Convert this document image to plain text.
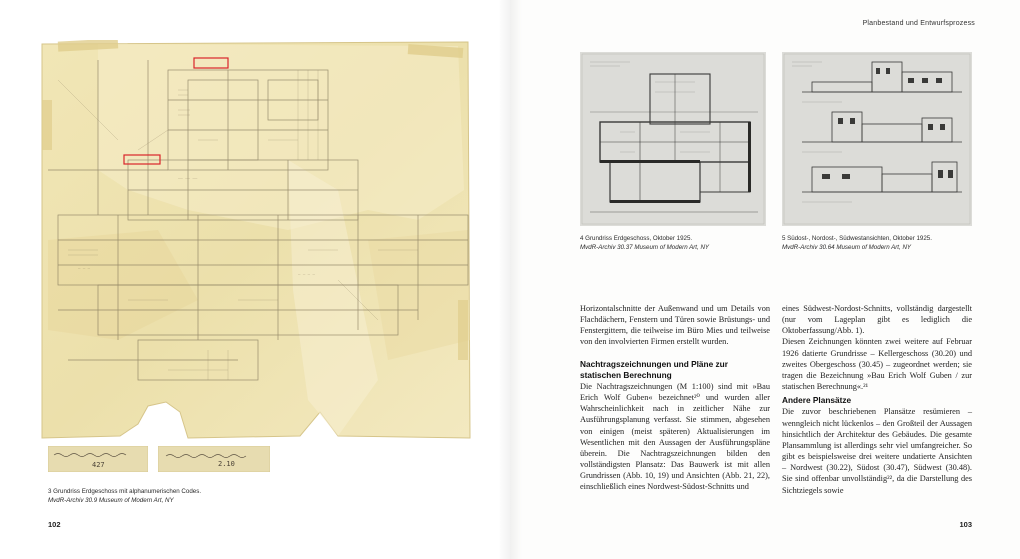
—— —— ——
— — —
— — — —
427	2.10
3 Grundriss Erdgeschoss mit alphanumerischen Codes.
MvdR-Archiv 30.9 Museum of Modern Art, NY
102
Planbestand und Entwurfsprozess
4 Grundriss Erdgeschoss, Oktober 1925.
MvdR-Archiv 30.37 Museum of Modern Art, NY
5 Südost-, Nordost-, Südwestansichten, Oktober 1925.
MvdR-Archiv 30.64 Museum of Modern Art, NY

Horizontalschnitte der Außenwand und um Details von Flachdächern, Fenstern und Türen sowie Brüstungs- und Fenstergittern, die teilweise im Büro Mies und teilweise von den involvierten Firmen erstellt wurden.

Nachtragszeichnungen und Pläne zur statischen Berechnung

Die Nachtragszeichnungen (M 1:100) sind mit »Bau Erich Wolf Guben« bezeichnet²⁰ und wurden aller Wahrscheinlichkeit nach in zeitlicher Nähe zur Ausführungsplanung verfasst. Sie stimmen, abgesehen von einigen (meist späteren) Aktualisierungen im Wesentlichen mit den Aussagen der Ausführungspläne überein. Die Nachtragszeichnungen bilden den vollständigsten Plansatz: Das Bauwerk ist mit allen Grundrissen (Abb. 10, 19) und Ansichten (Abb. 21, 22), einschließlich eines Nordwest-Südost-Schnitts und

eines Südwest-Nordost-Schnitts, vollständig dargestellt (nur vom Lageplan gibt es lediglich die Oktoberfassung/Abb. 1).

Diesen Zeichnungen könnten zwei weitere auf Februar 1926 datierte Grundrisse – Kellergeschoss (30.20) und zweites Obergeschoss (30.45) – zugeordnet werden; sie tragen die Bezeichnung »Bau Erich Wolf Guben / zur statischen Berechnung«.²¹

Andere Plansätze

Die zuvor beschriebenen Plansätze resümieren – wenngleich nicht lückenlos – den Großteil der Aussagen hinsichtlich der Architektur des Gebäudes. Die gesamte Plansammlung ist allerdings sehr viel umfangreicher. So gibt es beispielsweise drei weitere undatierte Ansichten – Nordwest (30.22), Südost (30.47), Südwest (30.48). Sie sind offenbar unvollständig²², da die Darstellung des Sichtziegels sowie

103
